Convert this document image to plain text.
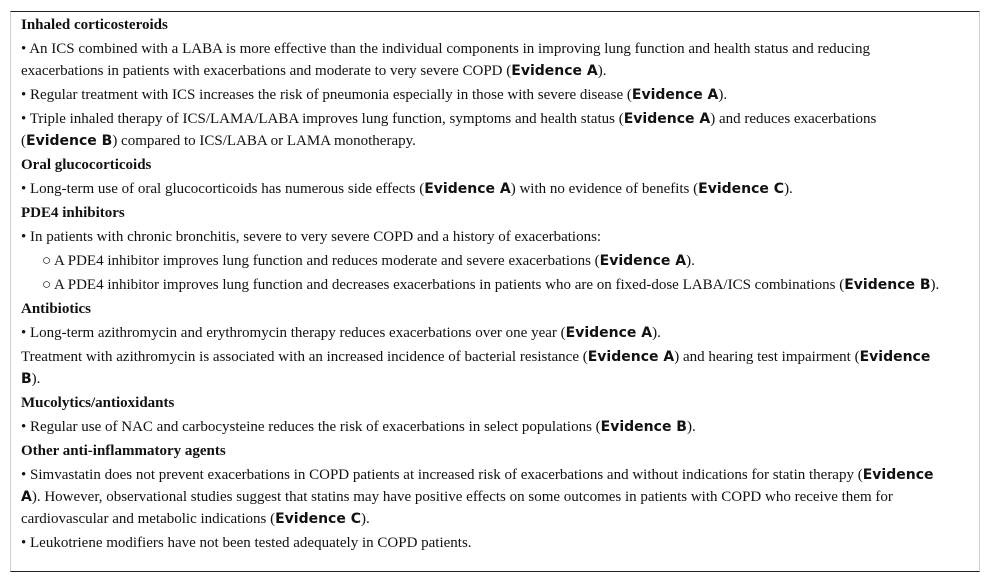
Inhaled corticosteroids
• An ICS combined with a LABA is more effective than the individual components in improving lung function and health status and reducing exacerbations in patients with exacerbations and moderate to very severe COPD (Evidence A).
• Regular treatment with ICS increases the risk of pneumonia especially in those with severe disease (Evidence A).
• Triple inhaled therapy of ICS/LAMA/LABA improves lung function, symptoms and health status (Evidence A) and reduces exacerbations (Evidence B) compared to ICS/LABA or LAMA monotherapy.
Oral glucocorticoids
• Long-term use of oral glucocorticoids has numerous side effects (Evidence A) with no evidence of benefits (Evidence C).
PDE4 inhibitors
• In patients with chronic bronchitis, severe to very severe COPD and a history of exacerbations:
○ A PDE4 inhibitor improves lung function and reduces moderate and severe exacerbations (Evidence A).
○ A PDE4 inhibitor improves lung function and decreases exacerbations in patients who are on fixed-dose LABA/ICS combinations (Evidence B).
Antibiotics
• Long-term azithromycin and erythromycin therapy reduces exacerbations over one year (Evidence A).
Treatment with azithromycin is associated with an increased incidence of bacterial resistance (Evidence A) and hearing test impairment (Evidence B).
Mucolytics/antioxidants
• Regular use of NAC and carbocysteine reduces the risk of exacerbations in select populations (Evidence B).
Other anti-inflammatory agents
• Simvastatin does not prevent exacerbations in COPD patients at increased risk of exacerbations and without indications for statin therapy (Evidence A). However, observational studies suggest that statins may have positive effects on some outcomes in patients with COPD who receive them for cardiovascular and metabolic indications (Evidence C).
• Leukotriene modifiers have not been tested adequately in COPD patients.
